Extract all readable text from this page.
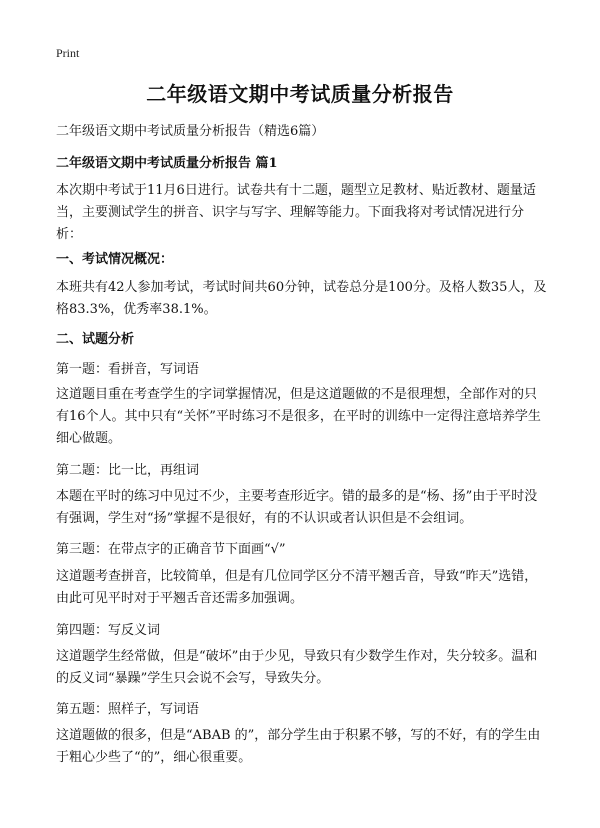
Print
二年级语文期中考试质量分析报告
二年级语文期中考试质量分析报告（精选6篇）
二年级语文期中考试质量分析报告 篇1
本次期中考试于11月6日进行。试卷共有十二题，题型立足教材、贴近教材、题量适当，主要测试学生的拼音、识字与写字、理解等能力。下面我将对考试情况进行分析：
一、考试情况概况：
本班共有42人参加考试，考试时间共60分钟，试卷总分是100分。及格人数35人，及格83.3%，优秀率38.1%。
二、试题分析
第一题：看拼音，写词语
这道题目重在考查学生的字词掌握情况，但是这道题做的不是很理想，全部作对的只有16个人。其中只有“关怀”平时练习不是很多，在平时的训练中一定得注意培养学生细心做题。
第二题：比一比，再组词
本题在平时的练习中见过不少，主要考查形近字。错的最多的是“杨、扬”由于平时没有强调，学生对“扬”掌握不是很好，有的不认识或者认识但是不会组词。
第三题：在带点字的正确音节下面画“√”
这道题考查拼音，比较简单，但是有几位同学区分不清平翘舌音，导致“昨天”选错，由此可见平时对于平翘舌音还需多加强调。
第四题：写反义词
这道题学生经常做，但是“破坏”由于少见，导致只有少数学生作对，失分较多。温和的反义词“暴躁”学生只会说不会写，导致失分。
第五题：照样子，写词语
这道题做的很多，但是“ABAB 的”，部分学生由于积累不够，写的不好，有的学生由于粗心少些了“的”，细心很重要。
